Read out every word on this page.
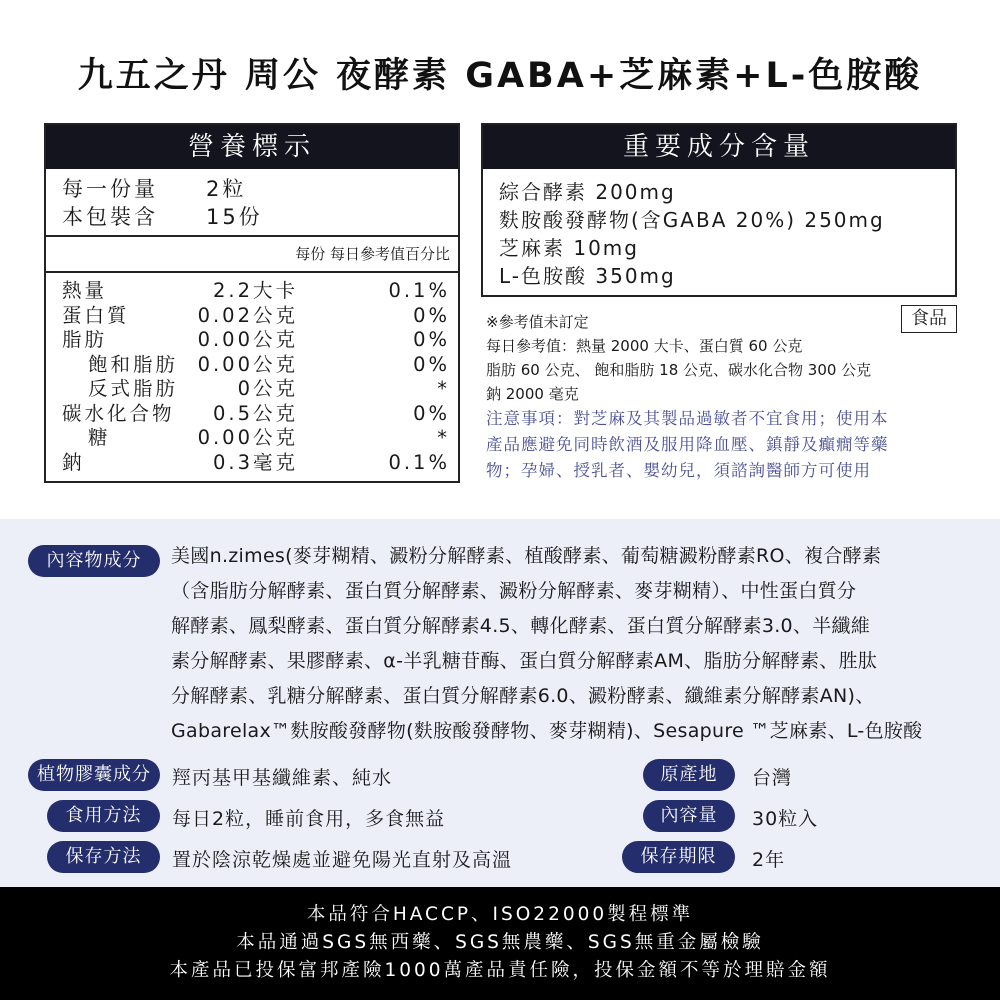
九五之丹 周公 夜酵素 GABA+芝麻素+L-色胺酸
營養標示
每一份量 2粒
本包裝含 15份
每份 每日參考值百分比
熱量	2.2大卡	0.1%
蛋白質	0.02公克	0%
脂肪	0.00公克	0%
飽和脂肪 0.00公克	0%
反式脂肪	0公克	*
碳水化合物 0.5公克	0%
糖	0.00公克	*
鈉	0.3毫克	0.1%
重要成分含量
綜合酵素 200mg
麩胺酸發酵物(含GABA 20%) 250mg
芝麻素 10mg
L-色胺酸 350mg
食品
※參考值未訂定
每日參考值：熱量 2000 大卡、蛋白質 60 公克
脂肪 60 公克、 飽和脂肪 18 公克、碳水化合物 300 公克
鈉 2000 毫克
注意事項：對芝麻及其製品過敏者不宜食用；使用本
產品應避免同時飲酒及服用降血壓、鎮靜及癲癇等藥
物；孕婦、授乳者、嬰幼兒，須諮詢醫師方可使用
內容物成分	美國n.zimes(麥芽糊精、澱粉分解酵素、植酸酵素、葡萄糖澱粉酵素RO、複合酵素
（含脂肪分解酵素、蛋白質分解酵素、澱粉分解酵素、麥芽糊精）、中性蛋白質分
解酵素、鳳梨酵素、蛋白質分解酵素4.5、轉化酵素、蛋白質分解酵素3.0、半纖維
素分解酵素、果膠酵素、α-半乳糖苷酶、蛋白質分解酵素AM、脂肪分解酵素、胜肽
分解酵素、乳糖分解酵素、蛋白質分解酵素6.0、澱粉酵素、纖維素分解酵素AN)、
Gabarelax™麩胺酸發酵物(麩胺酸發酵物、麥芽糊精)、Sesapure ™芝麻素、L-色胺酸
植物膠囊成分	羥丙基甲基纖維素、純水
食用方法	每日2粒，睡前食用，多食無益
保存方法	置於陰涼乾燥處並避免陽光直射及高溫
原產地	台灣
內容量	30粒入
保存期限	2年
本品符合HACCP、ISO22000製程標準
本品通過SGS無西藥、SGS無農藥、SGS無重金屬檢驗
本產品已投保富邦產險1000萬產品責任險，投保金額不等於理賠金額
